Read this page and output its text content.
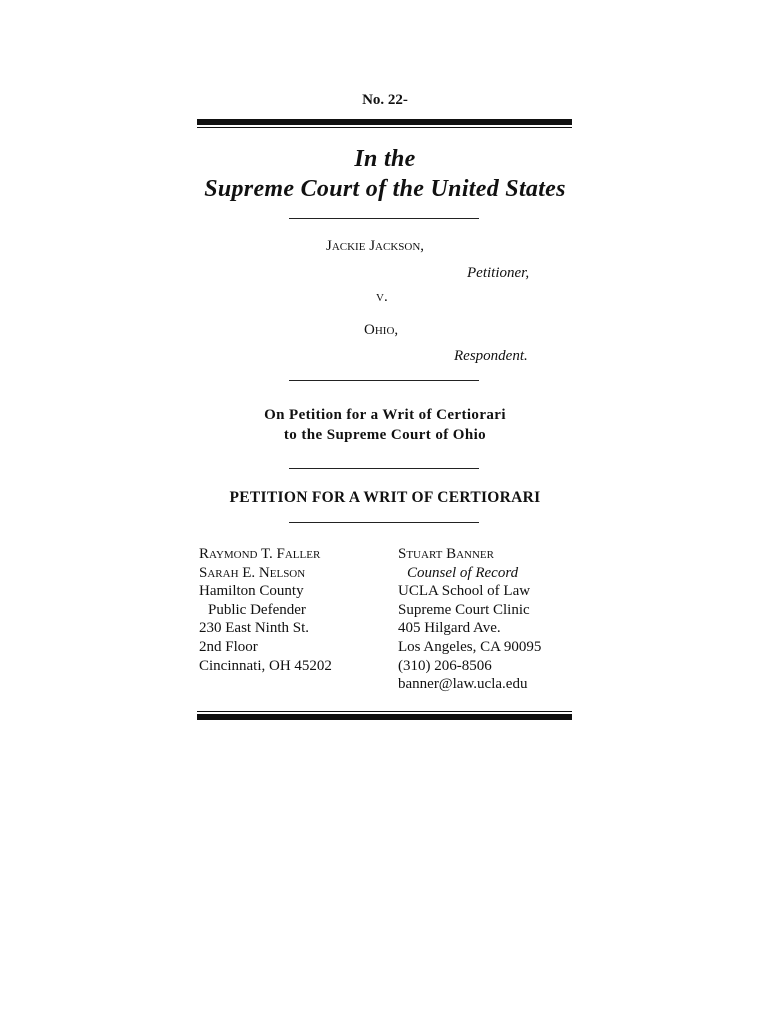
No. 22-
In the
Supreme Court of the United States
Jackie Jackson,
Petitioner,
v.
Ohio,
Respondent.
On Petition for a Writ of Certiorari
to the Supreme Court of Ohio
PETITION FOR A WRIT OF CERTIORARI
Raymond T. Faller
Sarah E. Nelson
Hamilton County
Public Defender
230 East Ninth St.
2nd Floor
Cincinnati, OH 45202
Stuart Banner
Counsel of Record
UCLA School of Law
Supreme Court Clinic
405 Hilgard Ave.
Los Angeles, CA 90095
(310) 206-8506
banner@law.ucla.edu
